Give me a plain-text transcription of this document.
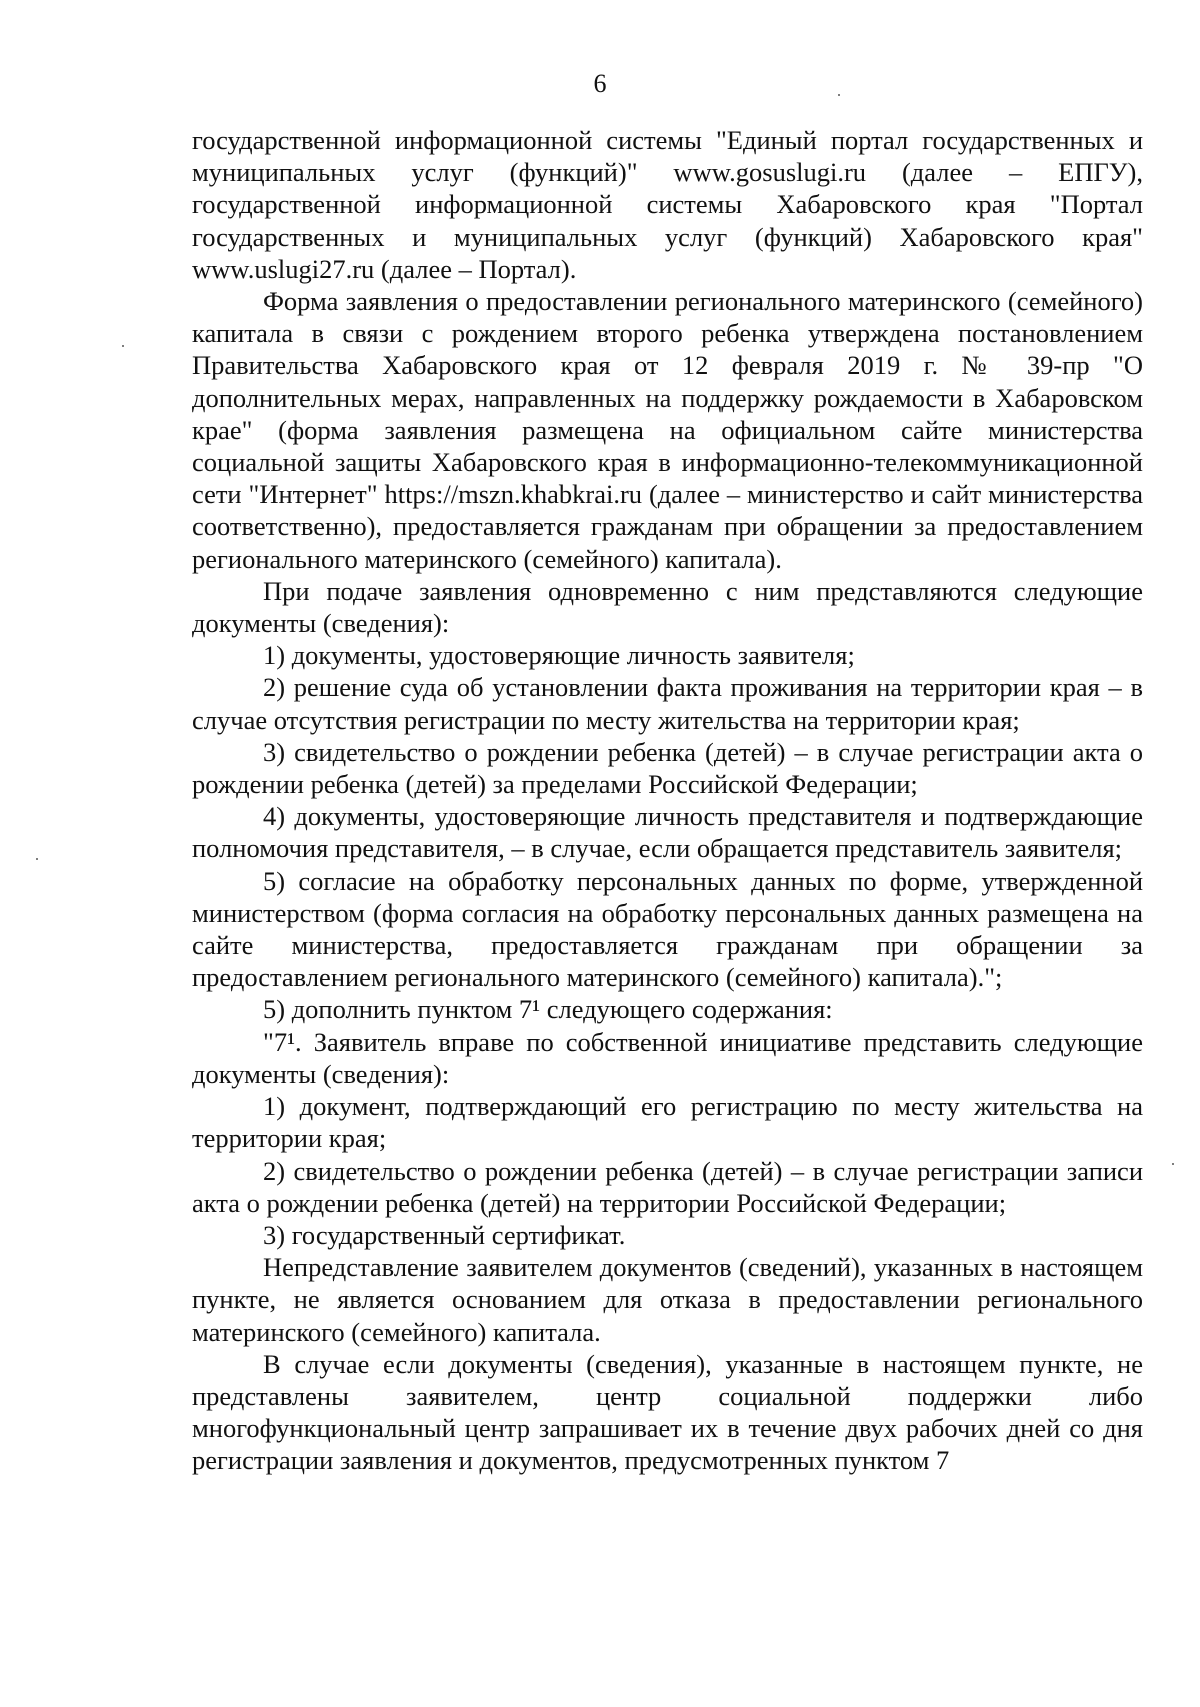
6

государственной информационной системы "Единый портал государственных и муниципальных услуг (функций)" www.gosuslugi.ru (далее – ЕПГУ), государственной информационной системы Хабаровского края "Портал государственных и муниципальных услуг (функций) Хабаровского края" www.uslugi27.ru (далее – Портал).

Форма заявления о предоставлении регионального материнского (семейного) капитала в связи с рождением второго ребенка утверждена постановлением Правительства Хабаровского края от 12 февраля 2019 г. № 39-пр "О дополнительных мерах, направленных на поддержку рождаемости в Хабаровском крае" (форма заявления размещена на официальном сайте министерства социальной защиты Хабаровского края в информационно-телекоммуникационной сети "Интернет" https://mszn.khabkrai.ru (далее – министерство и сайт министерства соответственно), предоставляется гражданам при обращении за предоставлением регионального материнского (семейного) капитала).

При подаче заявления одновременно с ним представляются следующие документы (сведения):

1) документы, удостоверяющие личность заявителя;

2) решение суда об установлении факта проживания на территории края – в случае отсутствия регистрации по месту жительства на территории края;

3) свидетельство о рождении ребенка (детей) – в случае регистрации акта о рождении ребенка (детей) за пределами Российской Федерации;

4) документы, удостоверяющие личность представителя и подтверждающие полномочия представителя, – в случае, если обращается представитель заявителя;

5) согласие на обработку персональных данных по форме, утвержденной министерством (форма согласия на обработку персональных данных размещена на сайте министерства, предоставляется гражданам при обращении за предоставлением регионального материнского (семейного) капитала).";

5) дополнить пунктом 7¹ следующего содержания:

"7¹. Заявитель вправе по собственной инициативе представить следующие документы (сведения):

1) документ, подтверждающий его регистрацию по месту жительства на территории края;

2) свидетельство о рождении ребенка (детей) – в случае регистрации записи акта о рождении ребенка (детей) на территории Российской Федерации;

3) государственный сертификат.

Непредставление заявителем документов (сведений), указанных в настоящем пункте, не является основанием для отказа в предоставлении регионального материнского (семейного) капитала.

В случае если документы (сведения), указанные в настоящем пункте, не представлены заявителем, центр социальной поддержки либо многофункциональный центр запрашивает их в течение двух рабочих дней со дня регистрации заявления и документов, предусмотренных пунктом 7
